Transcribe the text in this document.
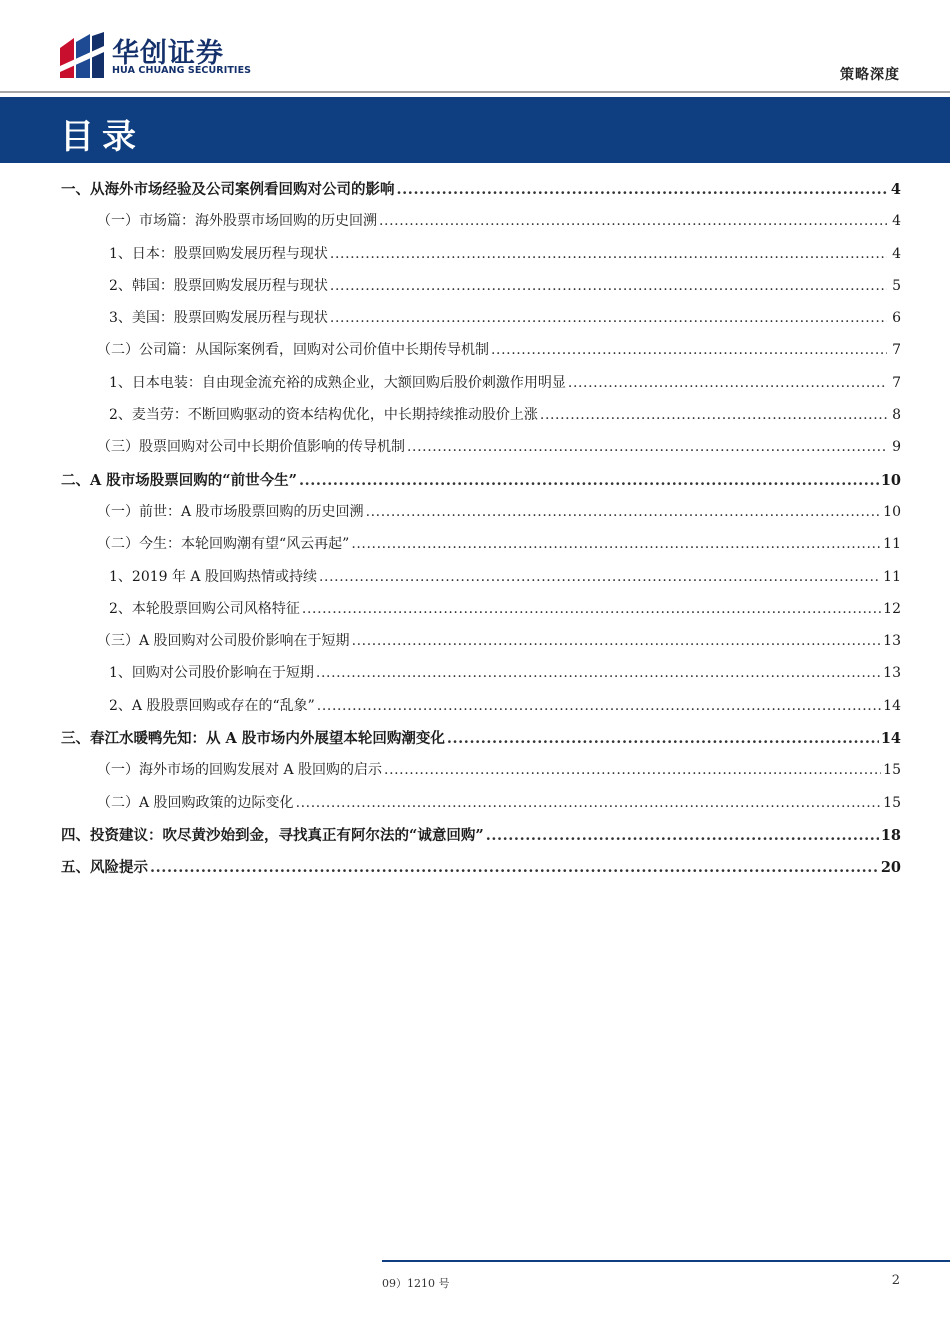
华创证券
HUA CHUANG SECURITIES	策略深度
目录
一、从海外市场经验及公司案例看回购对公司的影响 .....	4
（一）市场篇：海外股票市场回购的历史回溯 .....	4
1、日本：股票回购发展历程与现状 .....	4
2、韩国：股票回购发展历程与现状 .....	5
3、美国：股票回购发展历程与现状 .....	6
（二）公司篇：从国际案例看，回购对公司价值中长期传导机制 .....	7
1、日本电装：自由现金流充裕的成熟企业，大额回购后股价刺激作用明显 .....	7
2、麦当劳：不断回购驱动的资本结构优化，中长期持续推动股价上涨 .....	8
（三）股票回购对公司中长期价值影响的传导机制 .....	9
二、A 股市场股票回购的“前世今生” .....	10
（一）前世：A 股市场股票回购的历史回溯 .....	10
（二）今生：本轮回购潮有望“风云再起” .....	11
1、2019 年 A 股回购热情或持续 .....	11
2、本轮股票回购公司风格特征 .....	12
（三）A 股回购对公司股价影响在于短期 .....	13
1、回购对公司股价影响在于短期 .....	13
2、A 股股票回购或存在的“乱象” .....	14
三、春江水暖鸭先知：从 A 股市场内外展望本轮回购潮变化 .....	14
（一）海外市场的回购发展对 A 股回购的启示 .....	15
（二）A 股回购政策的边际变化 .....	15
四、投资建议：吹尽黄沙始到金，寻找真正有阿尔法的“诚意回购” .....	18
五、风险提示 .....	20
09）1210 号	2
